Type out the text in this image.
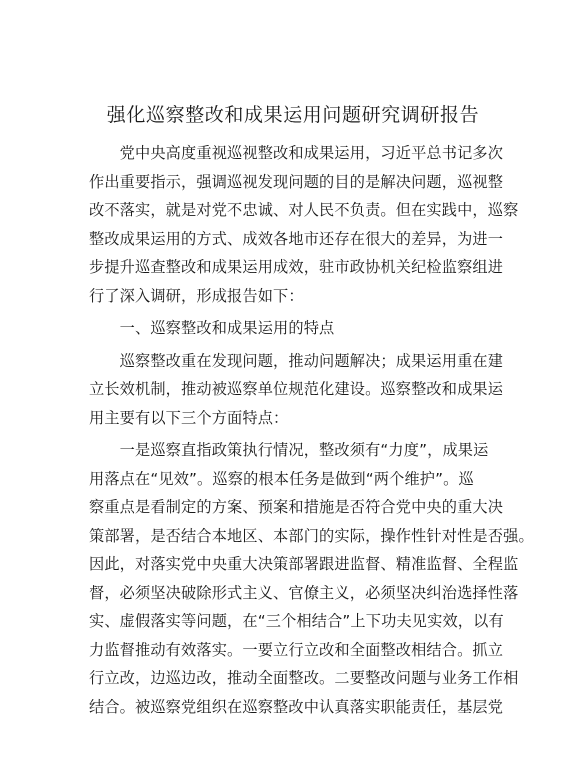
强化巡察整改和成果运用问题研究调研报告
　　党中央高度重视巡视整改和成果运用，习近平总书记多次
作出重要指示，强调巡视发现问题的目的是解决问题，巡视整
改不落实，就是对党不忠诚、对人民不负责。但在实践中，巡察
整改成果运用的方式、成效各地市还存在很大的差异，为进一
步提升巡查整改和成果运用成效，驻市政协机关纪检监察组进
行了深入调研，形成报告如下：
　　一、巡察整改和成果运用的特点
　　巡察整改重在发现问题，推动问题解决；成果运用重在建
立长效机制，推动被巡察单位规范化建设。巡察整改和成果运
用主要有以下三个方面特点：
　　一是巡察直指政策执行情况，整改须有“力度”，成果运
用落点在“见效”。巡察的根本任务是做到“两个维护”。巡
察重点是看制定的方案、预案和措施是否符合党中央的重大决
策部署，是否结合本地区、本部门的实际，操作性针对性是否强。
因此，对落实党中央重大决策部署跟进监督、精准监督、全程监
督，必须坚决破除形式主义、官僚主义，必须坚决纠治选择性落
实、虚假落实等问题，在“三个相结合”上下功夫见实效，以有
力监督推动有效落实。一要立行立改和全面整改相结合。抓立
行立改，边巡边改，推动全面整改。二要整改问题与业务工作相
结合。被巡察党组织在巡察整改中认真落实职能责任，基层党
